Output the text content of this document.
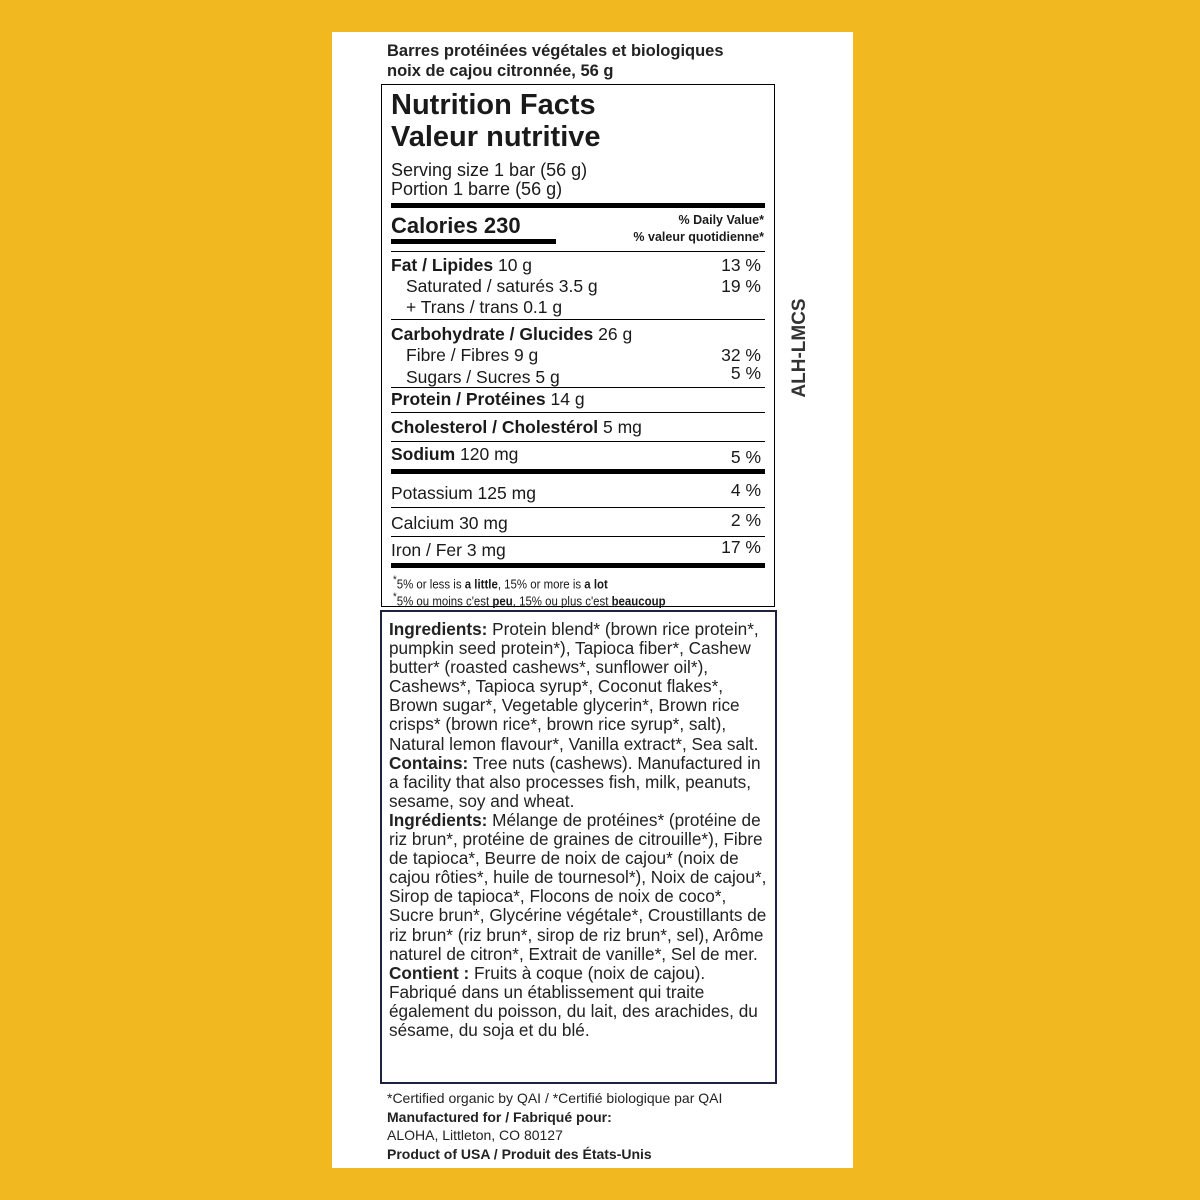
Barres protéinées végétales et biologiques
noix de cajou citronnée, 56 g
Nutrition Facts
Valeur nutritive
Serving size 1 bar (56 g)
Portion 1 barre (56 g)
Calories 230	% Daily Value*
% valeur quotidienne*
Fat / Lipides 10 g	13 %
Saturated / saturés 3.5 g	19 %
+ Trans / trans 0.1 g
Carbohydrate / Glucides 26 g
Fibre / Fibres 9 g	32 %
Sugars / Sucres 5 g	5 %
Protein / Protéines 14 g
Cholesterol / Cholestérol 5 mg
Sodium 120 mg	5 %
Potassium 125 mg	4 %
Calcium 30 mg	2 %
Iron / Fer 3 mg	17 %
*5% or less is a little, 15% or more is a lot
*5% ou moins c'est peu, 15% ou plus c'est beaucoup
Ingredients: Protein blend* (brown rice protein*, pumpkin seed protein*), Tapioca fiber*, Cashew butter* (roasted cashews*, sunflower oil*), Cashews*, Tapioca syrup*, Coconut flakes*, Brown sugar*, Vegetable glycerin*, Brown rice crisps* (brown rice*, brown rice syrup*, salt), Natural lemon flavour*, Vanilla extract*, Sea salt. Contains: Tree nuts (cashews). Manufactured in a facility that also processes fish, milk, peanuts, sesame, soy and wheat.
Ingrédients: Mélange de protéines* (protéine de riz brun*, protéine de graines de citrouille*), Fibre de tapioca*, Beurre de noix de cajou* (noix de cajou rôties*, huile de tournesol*), Noix de cajou*, Sirop de tapioca*, Flocons de noix de coco*, Sucre brun*, Glycérine végétale*, Croustillants de riz brun* (riz brun*, sirop de riz brun*, sel), Arôme naturel de citron*, Extrait de vanille*, Sel de mer. Contient : Fruits à coque (noix de cajou). Fabriqué dans un établissement qui traite également du poisson, du lait, des arachides, du sésame, du soja et du blé.
*Certified organic by QAI / *Certifié biologique par QAI
Manufactured for / Fabriqué pour:
ALOHA, Littleton, CO 80127
Product of USA / Produit des États-Unis
ALH-LMCS
